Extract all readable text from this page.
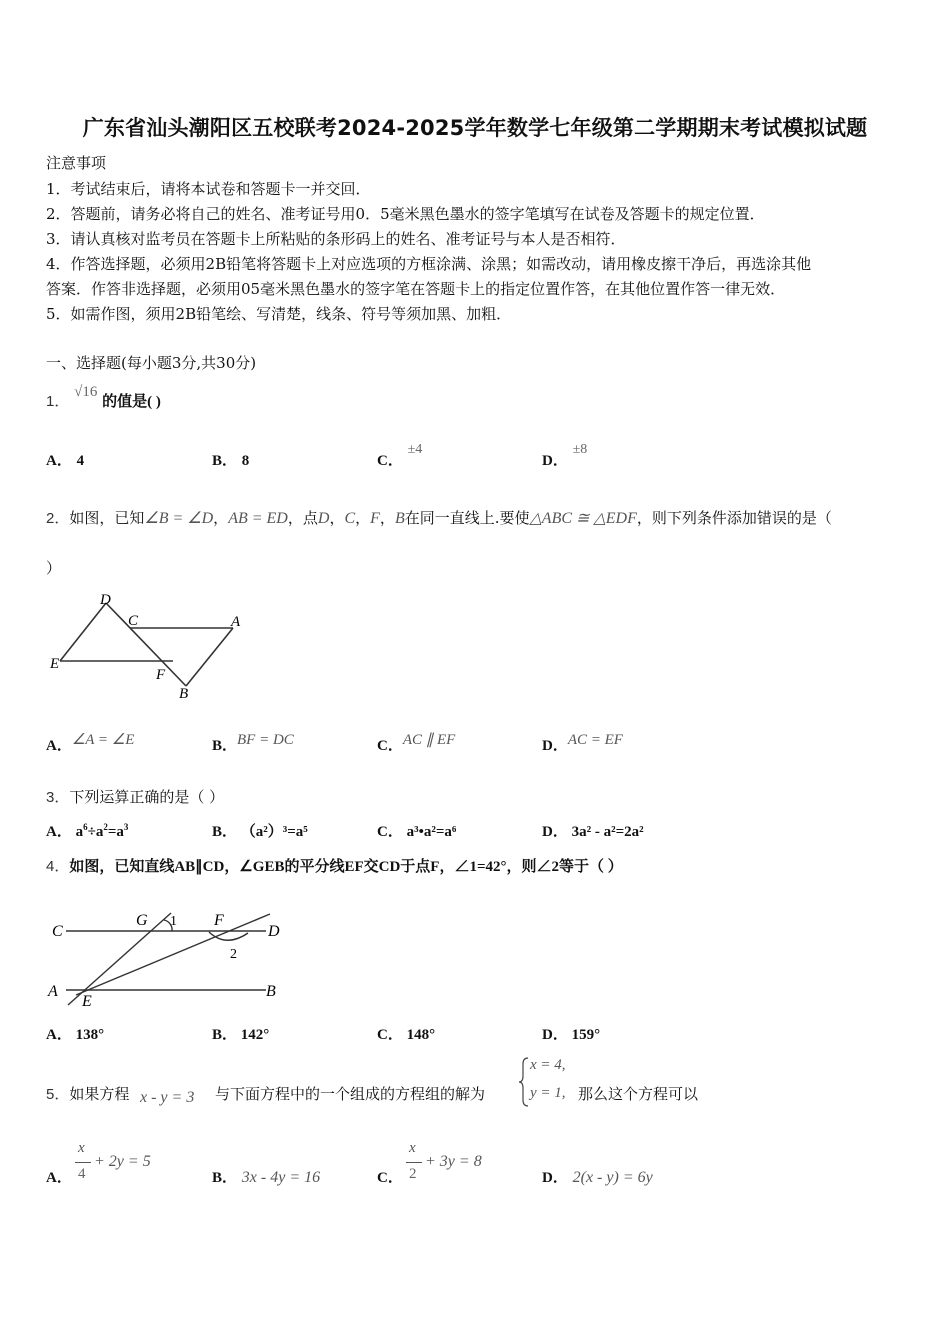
广东省汕头潮阳区五校联考2024-2025学年数学七年级第二学期期末考试模拟试题
注意事项
1．考试结束后，请将本试卷和答题卡一并交回．
2．答题前，请务必将自己的姓名、准考证号用0．5毫米黑色墨水的签字笔填写在试卷及答题卡的规定位置．
3．请认真核对监考员在答题卡上所粘贴的条形码上的姓名、准考证号与本人是否相符．
4．作答选择题，必须用2B铅笔将答题卡上对应选项的方框涂满、涂黑；如需改动，请用橡皮擦干净后，再选涂其他
答案．作答非选择题，必须用05毫米黑色墨水的签字笔在答题卡上的指定位置作答，在其他位置作答一律无效．
5．如需作图，须用2B铅笔绘、写清楚，线条、符号等须加黑、加粗．
一、选择题(每小题3分,共30分)
1． √16 的值是( )
A． 4	B． 8	C． ±4
D． ±8
2．如图，已知∠B = ∠D，AB = ED，点D，C，F，B在同一直线上.要使△ABC ≅ △EDF，则下列条件添加错误的是（
）
D
C	A
E
F
B
A．∠A = ∠E	B．BF = DC	C．AC ∥ EF	D．AC = EF
3．下列运算正确的是（ ）
A． $a^6\div a^2=a^3$	B． （a²）³=a⁵	C． a³•a²=a⁶	D． 3a² - a²=2a²
4．如图，已知直线AB∥CD，∠GEB的平分线EF交CD于点F，∠1=42°，则∠2等于（ ）
C
G 1 F
D
2
A
E
B
A． 138°	B． 142°	C． 148°	D． 159°
5．如果方程 x - y = 3 与下面方程中的一个组成的方程组的解为
x = 4,
y = 1, 那么这个方程可以
A．
x
4
+ 2y = 5
B． 3x - 4y = 16	C．
x
2
+ 3y = 8
D． 2(x - y) = 6y
